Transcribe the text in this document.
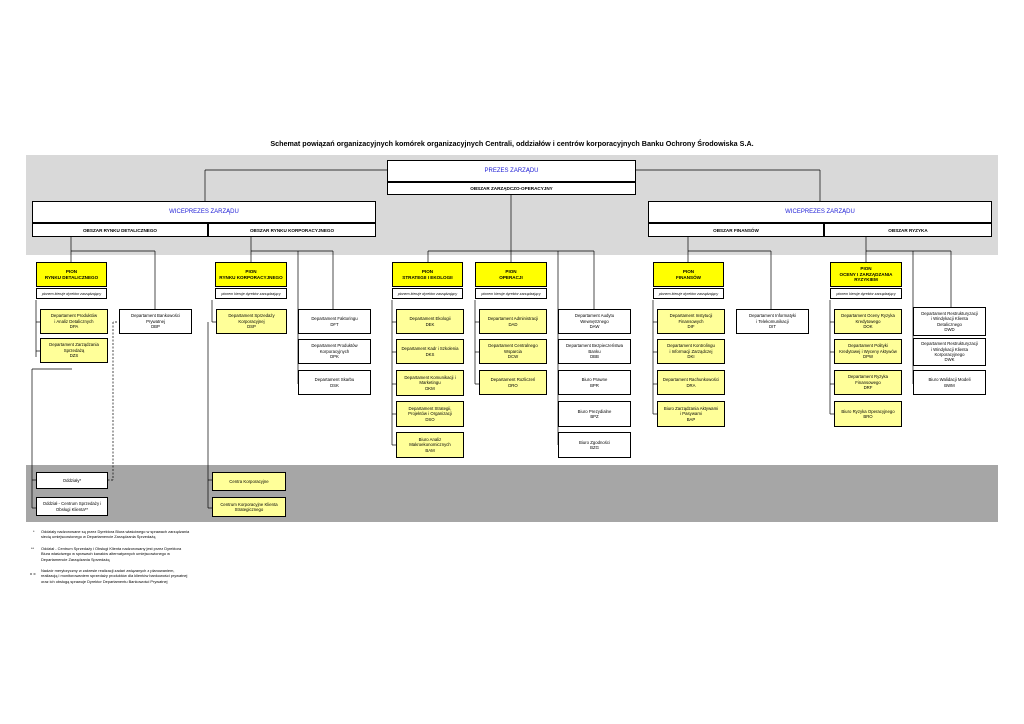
Schemat powiązań organizacyjnych komórek organizacyjnych Centrali, oddziałów i centrów korporacyjnych Banku Ochrony Środowiska S.A.
PREZES ZARZĄDU
OBSZAR ZARZĄDCZO-OPERACYJNY
WICEPREZES ZARZĄDU
OBSZAR RYNKU DETALICZNEGO	OBSZAR RYNKU KORPORACYJNEGO
WICEPREZES ZARZĄDU
OBSZAR FINANSÓW	OBSZAR RYZYKA
PION
RYNKU DETALICZNEGO
pionem kieruje dyrektor zarządzający
PION
RYNKU KORPORACYJNEGO
pionem kieruje dyrektor zarządzający
PION
STRATEGII I EKOLOGII
pionem kieruje dyrektor zarządzający
PION
OPERACJI
pionem kieruje dyrektor zarządzający
PION
FINANSÓW
pionem kieruje dyrektor zarządzający
PION
OCENY I ZARZĄDZANIA
RYZYKIEM
pionem kieruje dyrektor zarządzający
Departament Produktów
i Analiz Detalicznych
DPA
Departament Zarządzania
Sprzedażą
DZS
Departament Bankowości
Prywatnej
DBP
Departament Sprzedaży
Korporacyjnej
DSP
Departament Faktoringu
DFT
Departament Produktów
Korporacyjnych
DPK
Departament Skarbu
DSK
Departament Ekologii
DEK
Departament Kadr i Szkolenia
DKS
Departament Komunikacji i
Marketingu
DKM
Departament Strategii,
Projektów i Organizacji
DSO
Biuro Analiz
Makroekonomicznych
BAM
Departament Administracji
DAD
Departament Centralnego
Wsparcia
DCW
Departament Rozliczeń
DRO
Departament Audytu
Wewnętrznego
DAW
Departament Bezpieczeństwa
Banku
DBB
Biuro Prawne
BPR
Biuro Prezydialne
BPZ
Biuro Zgodności
BZG
Departament Instytucji
Finansowych
DIF
Departament Kontrolingu
i Informacji Zarządczej
DKI
Departament Rachunkowości
DRA
Biuro Zarządzania Aktywami
i Pasywami
BAP
Departament Informatyki
i Telekomunikacji
DIT
Departament Oceny Ryzyka
Kredytowego
DOK
Departament Polityki
Kredytowej i Wyceny Aktywów
DPW
Departament Ryzyka
Finansowego
DRF
Biuro Ryzyka Operacyjnego
BRO
Departament Restrukturyzacji
i Windykacji Klienta
Detalicznego
DWD
Departament Restrukturyzacji
i Windykacji Klienta
Korporacyjnego
DWK
Biuro Walidacji Modeli
BWM
Oddziały*
Oddział - Centrum Sprzedaży i
Obsługi Klienta**
Centra Korporacyjne
Centrum Korporacyjne Klienta
Strategicznego
* Oddziały nadzorowane są przez Dyrektora Biura właściwego w sprawach zarządzania
siecią umiejscowionego w Departamencie Zarządzania Sprzedażą
** Oddział - Centrum Sprzedaży i Obsługi Klienta nadzorowany jest przez Dyrektora
Biura właściwego w sprawach kanałów alternatywnych umiejscowionego w
Departamencie Zarządzania Sprzedażą
Nadzór merytoryczny w zakresie realizacji zadań związanych z planowaniem,
realizacją i monitorowaniem sprzedaży produktów dla klientów bankowości prywatnej
oraz ich obsługą sprawuje Dyrektor Departamentu Bankowości Prywatnej
